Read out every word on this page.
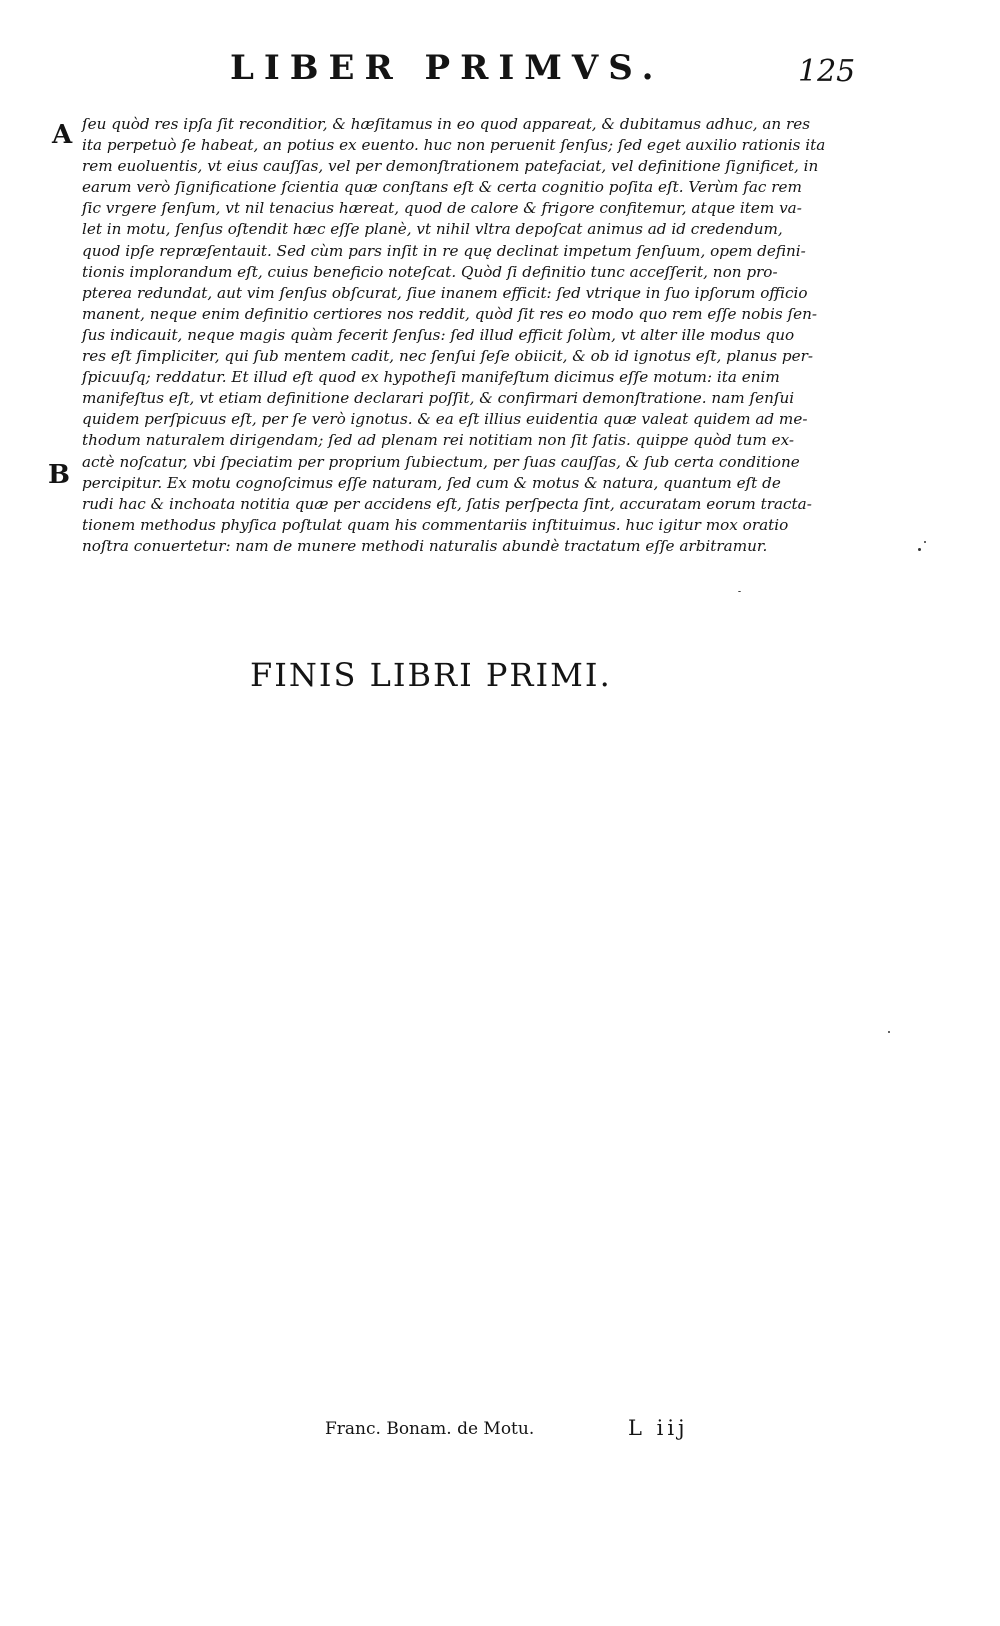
LIBER PRIMVS.	125
A
B
ſeu quòd res ipſa ſit reconditior, & hæſitamus in eo quod appareat, & dubitamus adhuc, an res
ita perpetuò ſe habeat, an potius ex euento. huc non peruenit ſenſus; ſed eget auxilio rationis ita
rem euoluentis, vt eius cauſſas, vel per demonſtrationem patefaciat, vel definitione ſignificet, in
earum verò ſignificatione ſcientia quæ conſtans eſt & certa cognitio poſita eſt. Verùm fac rem
ſic vrgere ſenſum, vt nil tenacius hæreat, quod de calore & frigore confitemur, atque item va-
let in motu, ſenſus oſtendit hæc eſſe planè, vt nihil vltra depoſcat animus ad id credendum,
quod ipſe repræſentauit. Sed cùm pars inſit in re quę declinat impetum ſenſuum, opem defini-
tionis implorandum eſt, cuius beneficio noteſcat. Quòd ſi definitio tunc acceſſerit, non pro-
pterea redundat, aut vim ſenſus obſcurat, ſiue inanem efficit: ſed vtrique in ſuo ipſorum officio
manent, neque enim definitio certiores nos reddit, quòd ſit res eo modo quo rem eſſe nobis ſen-
ſus indicauit, neque magis quàm fecerit ſenſus: ſed illud efficit ſolùm, vt alter ille modus quo
res eſt ſimpliciter, qui ſub mentem cadit, nec ſenſui ſeſe obiicit, & ob id ignotus eſt, planus per-
ſpicuuſq; reddatur. Et illud eſt quod ex hypotheſi manifeſtum dicimus eſſe motum: ita enim
manifeſtus eſt, vt etiam definitione declarari poſſit, & confirmari demonſtratione. nam ſenſui
quidem perſpicuus eſt, per ſe verò ignotus. & ea eſt illius euidentia quæ valeat quidem ad me-
thodum naturalem dirigendam; ſed ad plenam rei notitiam non ſit ſatis. quippe quòd tum ex-
actè noſcatur, vbi ſpeciatim per proprium ſubiectum, per ſuas cauſſas, & ſub certa conditione
percipitur. Ex motu cognoſcimus eſſe naturam, ſed cum & motus & natura, quantum eſt de
rudi hac & inchoata notitia quæ per accidens eſt, ſatis perſpecta ſint, accuratam eorum tracta-
tionem methodus phyſica poſtulat quam his commentariis inſtituimus. huc igitur mox oratio
noſtra conuertetur: nam de munere methodi naturalis abundè tractatum eſſe arbitramur.
FINIS LIBRI PRIMI.
Franc. Bonam. de Motu.	L iij
